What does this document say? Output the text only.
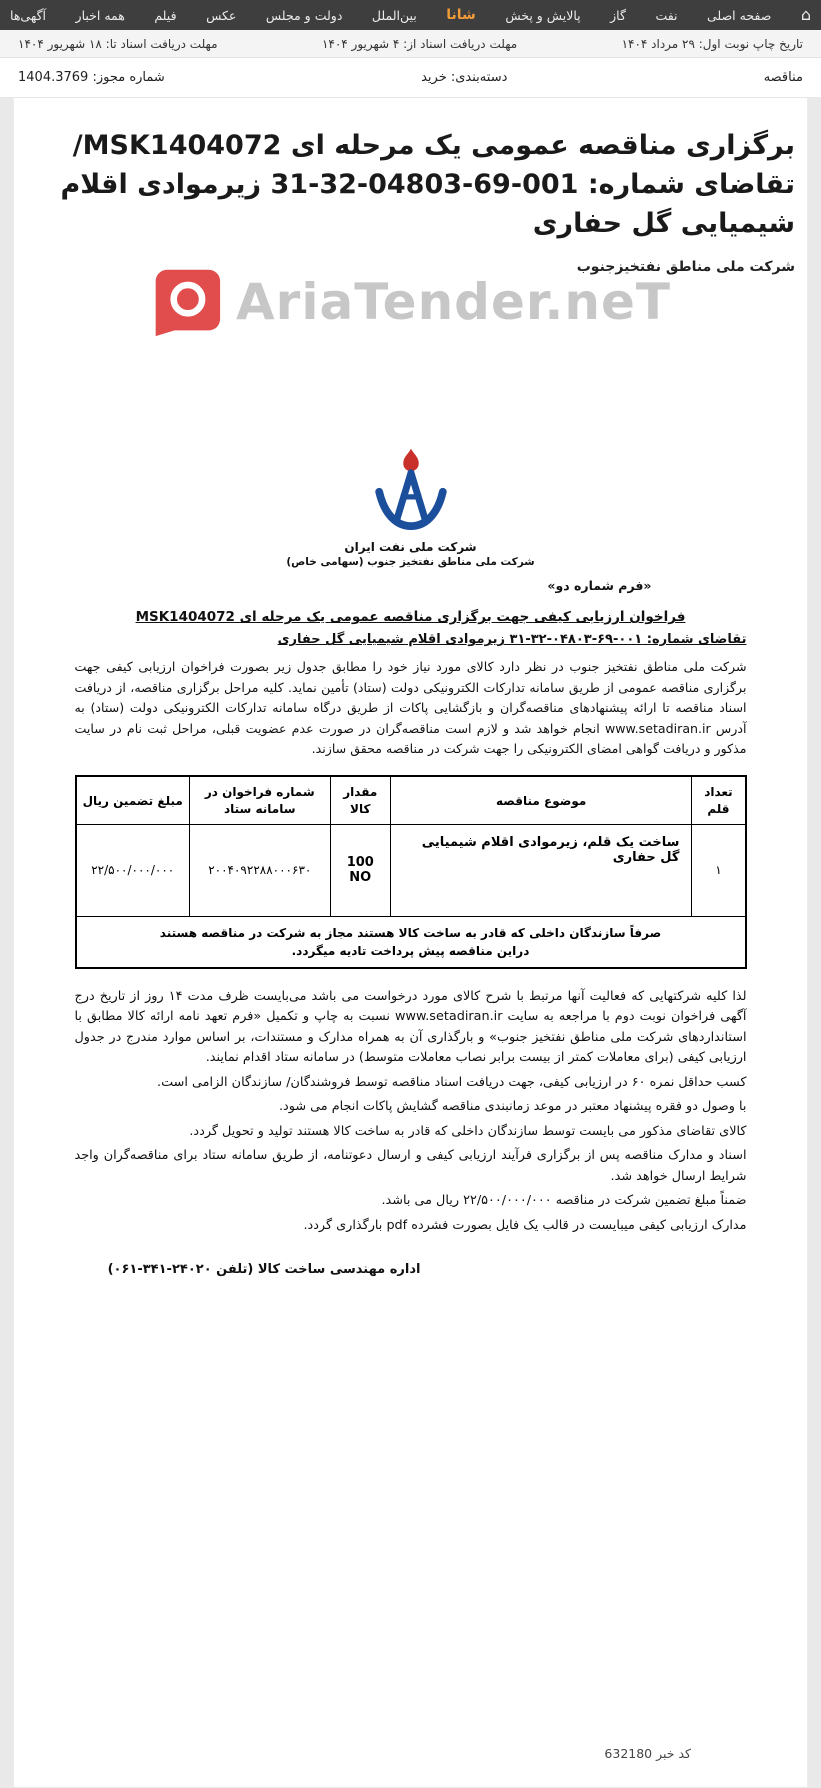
⌂
صفحه اصلی
نفت
گاز
پالایش و پخش
شانا
بین‌الملل
دولت و مجلس
عکس
فیلم
همه اخبار
آگهی‌ها
تاریخ چاپ نوبت اول: ۲۹ مرداد ۱۴۰۴
مهلت دریافت اسناد از: ۴ شهریور ۱۴۰۴
مهلت دریافت اسناد تا: ۱۸ شهریور ۱۴۰۴
مناقصه
دسته‌بندی: خرید
شماره مجوز: 1404.3769
برگزاری مناقصه عمومی یک مرحله ای MSK1404072/ تقاضای شماره: 001-69-04803-32-31 زیرموادی اقلام شیمیایی گل حفاری
شرکت ملی مناطق نفتخیزجنوب
AriaTender.neT
شرکت ملی نفت ایران
شرکت ملی مناطق نفتخیز جنوب (سهامی خاص)
«فرم شماره دو»
فراخوان ارزیابی کیفی جهت برگزاری مناقصه عمومی یک مرحله ای MSK1404072
تقاضای شماره: ۰۰۱-۶۹-۰۴۸۰۳-۳۲-۳۱ زیرموادی اقلام شیمیایی گل حفاری

شرکت ملی مناطق نفتخیز جنوب در نظر دارد کالای مورد نیاز خود را مطابق جدول زیر بصورت فراخوان ارزیابی کیفی جهت برگزاری مناقصه عمومی از طریق سامانه تدارکات الکترونیکی دولت (ستاد) تأمین نماید. کلیه مراحل برگزاری مناقصه، از دریافت اسناد مناقصه تا ارائه پیشنهادهای مناقصه‌گران و بازگشایی پاکات از طریق درگاه سامانه تدارکات الکترونیکی دولت (ستاد) به آدرس www.setadiran.ir انجام خواهد شد و لازم است مناقصه‌گران در صورت عدم عضویت قبلی، مراحل ثبت نام در سایت مذکور و دریافت گواهی امضای الکترونیکی را جهت شرکت در مناقصه محقق سازند.

تعداد قلم	موضوع مناقصه	مقدار کالا	شماره فراخوان در سامانه ستاد	مبلغ تضمین ریال
۱	ساخت یک قلم، زیرموادی اقلام شیمیایی گل حفاری	100 NO	۲۰۰۴۰۹۲۲۸۸۰۰۰۶۳۰	۲۲/۵۰۰/۰۰۰/۰۰۰

صرفاً سازندگان داخلی که قادر به ساخت کالا هستند مجاز به شرکت در مناقصه هستند
دراین مناقصه پیش پرداخت تادیه میگردد.				

لذا کلیه شرکتهایی که فعالیت آنها مرتبط با شرح کالای مورد درخواست می باشد می‌بایست ظرف مدت ۱۴ روز از تاریخ درج آگهی فراخوان نوبت دوم با مراجعه به سایت www.setadiran.ir نسبت به چاپ و تکمیل «فرم تعهد نامه ارائه کالا مطابق با استانداردهای شرکت ملی مناطق نفتخیز جنوب» و بارگذاری آن به همراه مدارک و مستندات، بر اساس موارد مندرج در جدول ارزیابی کیفی (برای معاملات کمتر از بیست برابر نصاب معاملات متوسط) در سامانه ستاد اقدام نمایند.

کسب حداقل نمره ۶۰ در ارزیابی کیفی، جهت دریافت اسناد مناقصه توسط فروشندگان/ سازندگان الزامی است.

با وصول دو فقره پیشنهاد معتبر در موعد زمانبندی مناقصه گشایش پاکات انجام می شود.

کالای تقاضای مذکور می بایست توسط سازندگان داخلی که قادر به ساخت کالا هستند تولید و تحویل گردد.

اسناد و مدارک مناقصه پس از برگزاری فرآیند ارزیابی کیفی و ارسال دعوتنامه، از طریق سامانه ستاد برای مناقصه‌گران واجد شرایط ارسال خواهد شد.

ضمناً مبلغ تضمین شرکت در مناقصه ۲۲/۵۰۰/۰۰۰/۰۰۰ ریال می باشد.

مدارک ارزیابی کیفی میبایست در قالب یک فایل بصورت فشرده pdf بارگذاری گردد.

اداره مهندسی ساخت کالا (تلفن ۲۴۰۲۰-۳۴۱-۰۶۱)
کد خبر 632180
